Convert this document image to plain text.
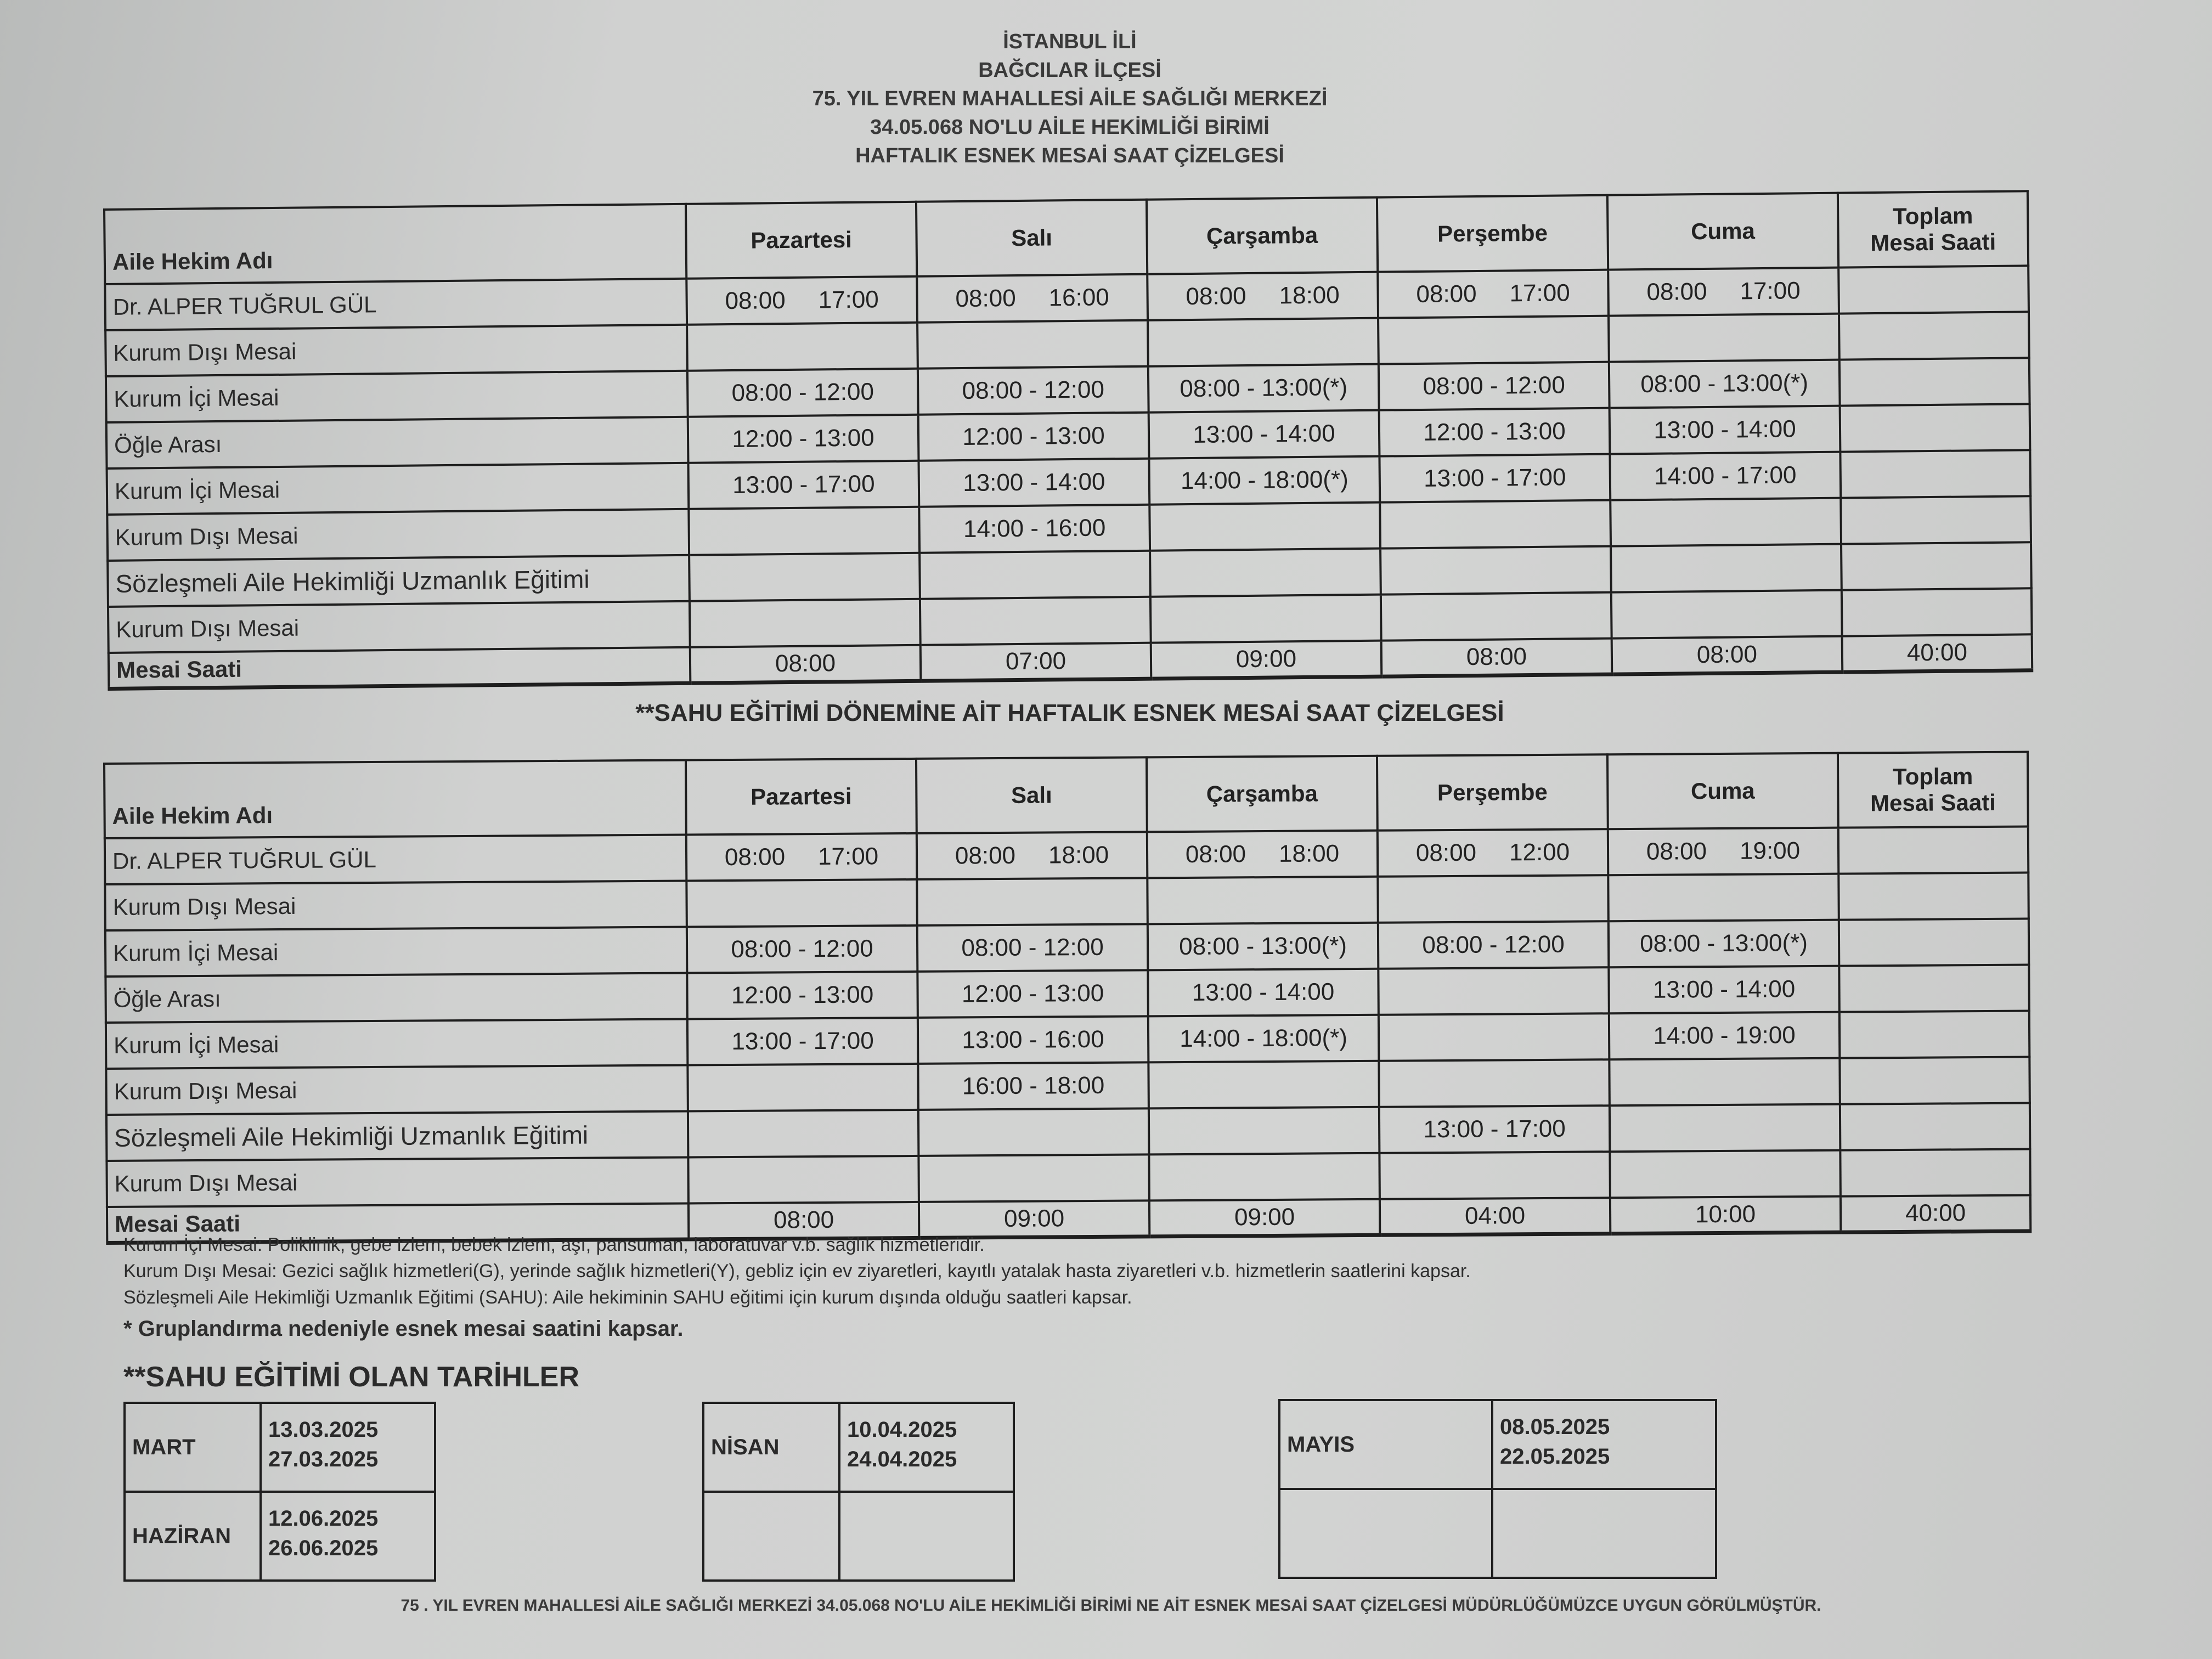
İSTANBUL İLİ
BAĞCILAR İLÇESİ
75. YIL EVREN MAHALLESİ AİLE SAĞLIĞI MERKEZİ
34.05.068 NO'LU AİLE HEKİMLİĞİ BİRİMİ
HAFTALIK ESNEK MESAİ SAAT ÇİZELGESİ
Aile Hekim Adı	Pazartesi	Salı	Çarşamba	Perşembe	Cuma	Toplam
Mesai Saati
Dr. ALPER TUĞRUL GÜL	08:00 17:00	08:00 16:00	08:00 18:00	08:00 17:00	08:00 17:00	
Kurum Dışı Mesai						
Kurum İçi Mesai	08:00 - 12:00	08:00 - 12:00	08:00 - 13:00(*)	08:00 - 12:00	08:00 - 13:00(*)	
Öğle Arası	12:00 - 13:00	12:00 - 13:00	13:00 - 14:00	12:00 - 13:00	13:00 - 14:00	
Kurum İçi Mesai	13:00 - 17:00	13:00 - 14:00	14:00 - 18:00(*)	13:00 - 17:00	14:00 - 17:00	
Kurum Dışı Mesai		14:00 - 16:00				
Sözleşmeli Aile Hekimliği Uzmanlık Eğitimi						
Kurum Dışı Mesai						
Mesai Saati	08:00	07:00	09:00	08:00	08:00	40:00
**SAHU EĞİTİMİ DÖNEMİNE AİT HAFTALIK ESNEK MESAİ SAAT ÇİZELGESİ
Aile Hekim Adı	Pazartesi	Salı	Çarşamba	Perşembe	Cuma	Toplam
Mesai Saati
Dr. ALPER TUĞRUL GÜL	08:00 17:00	08:00 18:00	08:00 18:00	08:00 12:00	08:00 19:00	
Kurum Dışı Mesai						
Kurum İçi Mesai	08:00 - 12:00	08:00 - 12:00	08:00 - 13:00(*)	08:00 - 12:00	08:00 - 13:00(*)	
Öğle Arası	12:00 - 13:00	12:00 - 13:00	13:00 - 14:00		13:00 - 14:00	
Kurum İçi Mesai	13:00 - 17:00	13:00 - 16:00	14:00 - 18:00(*)		14:00 - 19:00	
Kurum Dışı Mesai		16:00 - 18:00				
Sözleşmeli Aile Hekimliği Uzmanlık Eğitimi				13:00 - 17:00		
Kurum Dışı Mesai						
Mesai Saati	08:00	09:00	09:00	04:00	10:00	40:00
Kurum İçi Mesai: Poliklinik, gebe izlem, bebek izlem, aşı, pansuman, laboratuvar v.b. sağlık hizmetleridir.
Kurum Dışı Mesai: Gezici sağlık hizmetleri(G), yerinde sağlık hizmetleri(Y), gebliz için ev ziyaretleri, kayıtlı yatalak hasta ziyaretleri v.b. hizmetlerin saatlerini kapsar.
Sözleşmeli Aile Hekimliği Uzmanlık Eğitimi (SAHU): Aile hekiminin SAHU eğitimi için kurum dışında olduğu saatleri kapsar.
* Gruplandırma nedeniyle esnek mesai saatini kapsar.
**SAHU EĞİTİMİ OLAN TARİHLER
MART	13.03.2025
27.03.2025

HAZİRAN	12.06.2025
26.06.2025
NİSAN	10.04.2025
24.04.2025

MAYIS	08.05.2025
22.05.2025

75 . YIL EVREN MAHALLESİ AİLE SAĞLIĞI MERKEZİ 34.05.068 NO'LU AİLE HEKİMLİĞİ BİRİMİ NE AİT ESNEK MESAİ SAAT ÇİZELGESİ MÜDÜRLÜĞÜMÜZCE UYGUN GÖRÜLMÜŞTÜR.
